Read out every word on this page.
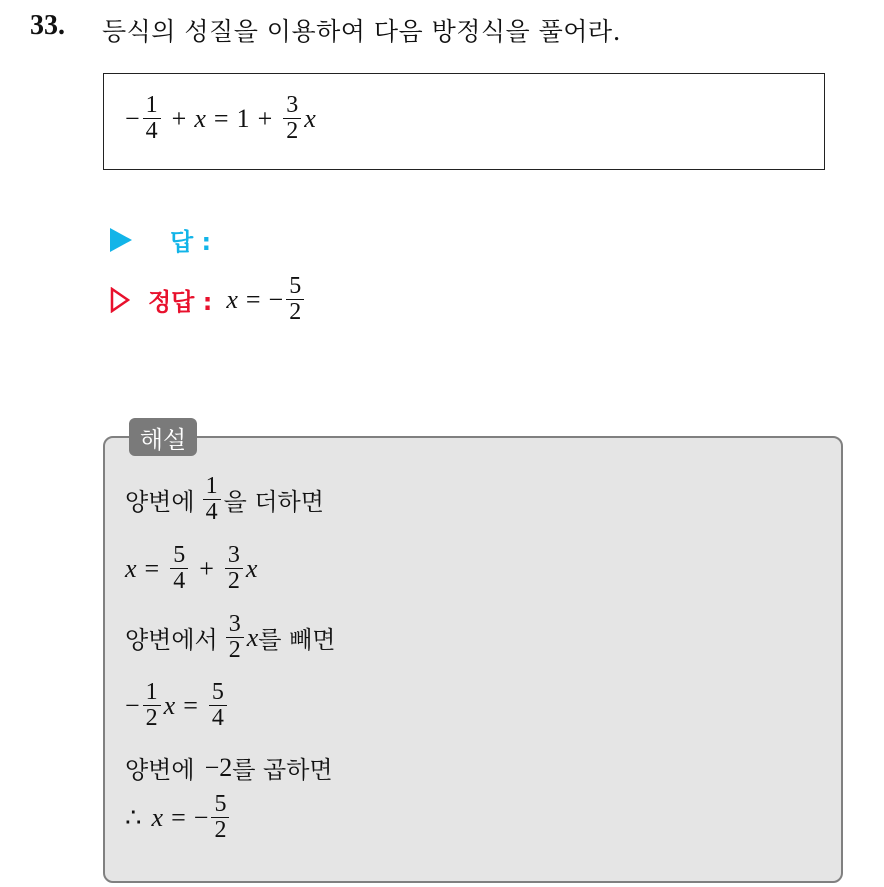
33. 등식의 성질을 이용하여 다음 방정식을 풀어라.
− $\frac{1}{4} + x = 1 + \frac{3}{2}$ x
답 :
정답 : x = − $\frac{5}{2}$
해설
양변에 $\frac{1}{4}$ 을 더하면
$x = \frac{5}{4} + \frac{3}{2}$ x
양변에서 $\frac{3}{2}$ x 를 빼면
− $\frac{1}{2}$ $x = \frac{5}{4}$
양변에 −2 를 곱하면
∴ x = − $\frac{5}{2}$
